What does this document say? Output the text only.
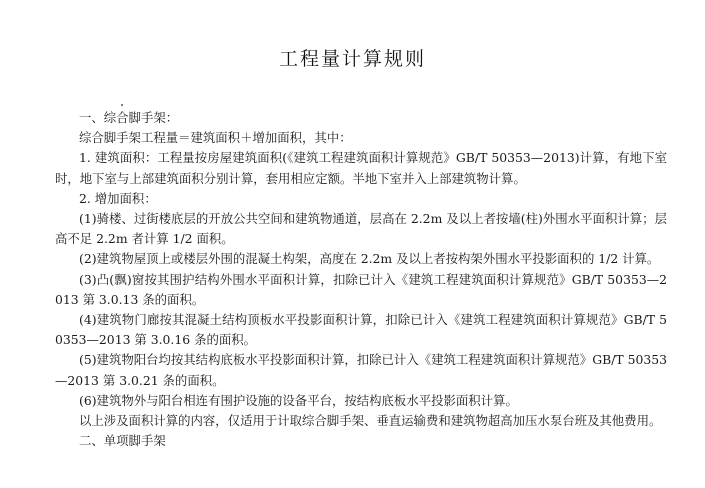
工程量计算规则

一、综合脚手架：

综合脚手架工程量＝建筑面积＋增加面积，其中：

1. 建筑面积：工程量按房屋建筑面积(《建筑工程建筑面积计算规范》GB/T 50353—2013)计算，有地下室时，地下室与上部建筑面积分别计算，套用相应定额。半地下室并入上部建筑物计算。

2. 增加面积：

(1)骑楼、过街楼底层的开放公共空间和建筑物通道，层高在 2.2m 及以上者按墙(柱)外围水平面积计算；层高不足 2.2m 者计算 1/2 面积。

(2)建筑物屋顶上或楼层外围的混凝土构架，高度在 2.2m 及以上者按构架外围水平投影面积的 1/2 计算。

(3)凸(飘)窗按其围护结构外围水平面积计算，扣除已计入《建筑工程建筑面积计算规范》GB/T 50353—2013 第 3.0.13 条的面积。

(4)建筑物门廊按其混凝土结构顶板水平投影面积计算，扣除已计入《建筑工程建筑面积计算规范》GB/T 50353—2013 第 3.0.16 条的面积。

(5)建筑物阳台均按其结构底板水平投影面积计算，扣除已计入《建筑工程建筑面积计算规范》GB/T 50353—2013 第 3.0.21 条的面积。

(6)建筑物外与阳台相连有围护设施的设备平台，按结构底板水平投影面积计算。

以上涉及面积计算的内容，仅适用于计取综合脚手架、垂直运输费和建筑物超高加压水泵台班及其他费用。

二、单项脚手架
